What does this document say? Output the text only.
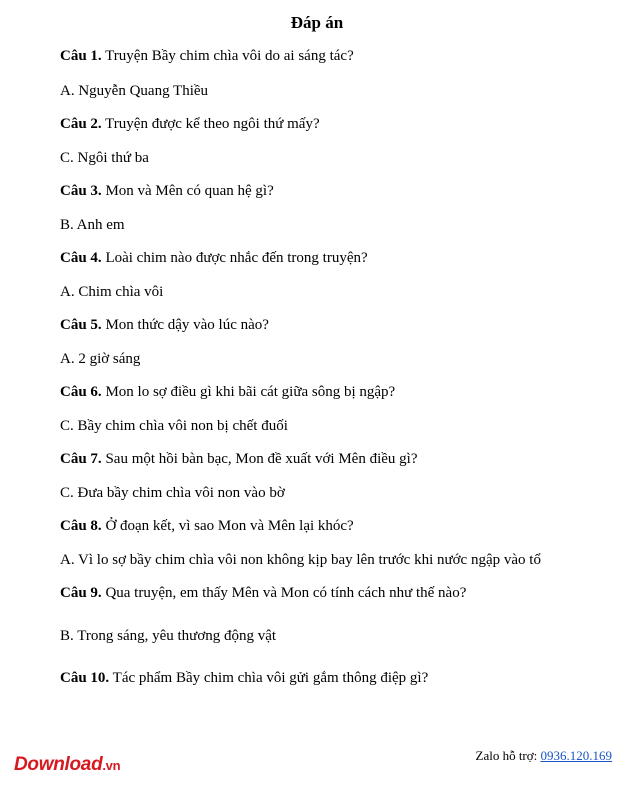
Đáp án
Câu 1. Truyện Bầy chim chìa vôi do ai sáng tác?
A. Nguyễn Quang Thiều
Câu 2. Truyện được kể theo ngôi thứ mấy?
C. Ngôi thứ ba
Câu 3. Mon và Mên có quan hệ gì?
B. Anh em
Câu 4. Loài chim nào được nhắc đến trong truyện?
A. Chim chìa vôi
Câu 5. Mon thức dậy vào lúc nào?
A. 2 giờ sáng
Câu 6. Mon lo sợ điều gì khi bãi cát giữa sông bị ngập?
C. Bầy chim chìa vôi non bị chết đuối
Câu 7. Sau một hồi bàn bạc, Mon đề xuất với Mên điều gì?
C. Đưa bầy chim chìa vôi non vào bờ
Câu 8. Ở đoạn kết, vì sao Mon và Mên lại khóc?
A. Vì lo sợ bầy chim chìa vôi non không kịp bay lên trước khi nước ngập vào tổ
Câu 9. Qua truyện, em thấy Mên và Mon có tính cách như thế nào?
B. Trong sáng, yêu thương động vật
Câu 10. Tác phẩm Bầy chim chìa vôi gửi gắm thông điệp gì?
Download.vn
Zalo hỗ trợ: 0936.120.169
